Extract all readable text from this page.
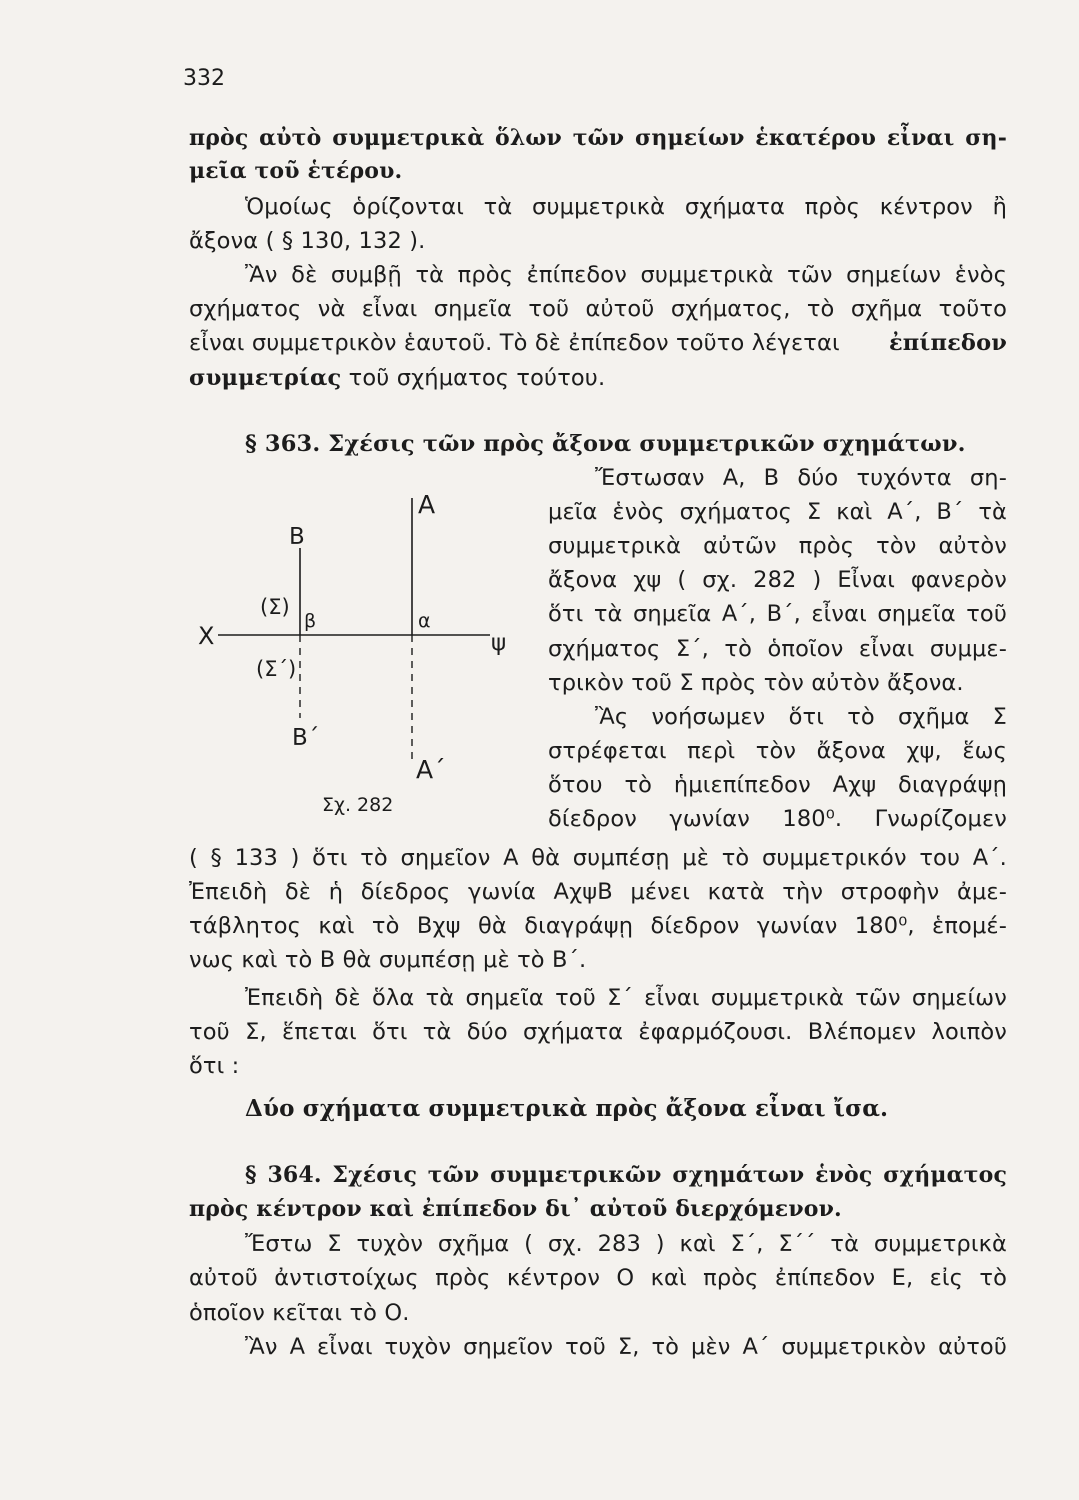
332
πρὸς αὐτὸ συμμετρικὰ ὅλων τῶν σημείων ἑκατέρου εἶναι ση-
μεῖα τοῦ ἑτέρου.
Ὁμοίως ὁρίζονται τὰ συμμετρικὰ σχήματα πρὸς κέντρον ἢ
ἄξονα ( § 130, 132 ).
Ἂν δὲ συμβῇ τὰ πρὸς ἐπίπεδον συμμετρικὰ τῶν σημείων ἑνὸς
σχήματος νὰ εἶναι σημεῖα τοῦ αὐτοῦ σχήματος, τὸ σχῆμα τοῦτο
εἶναι συμμετρικὸν ἑαυτοῦ. Τὸ δὲ ἐπίπεδον τοῦτο λέγεται ἐπίπεδον
συμμετρίας τοῦ σχήματος τούτου.
§ 363. Σχέσις τῶν πρὸς ἄξονα συμμετρικῶν σχημάτων.
Ἔστωσαν Α, Β δύο τυχόντα ση-
μεῖα ἑνὸς σχήματος Σ καὶ Α΄, Β΄ τὰ
συμμετρικὰ αὐτῶν πρὸς τὸν αὐτὸν
ἄξονα χψ ( σχ. 282 ) Εἶναι φανερὸν
ὅτι τὰ σημεῖα Α΄, Β΄, εἶναι σημεῖα τοῦ
σχήματος Σ΄, τὸ ὁποῖον εἶναι συμμε-
τρικὸν τοῦ Σ πρὸς τὸν αὐτὸν ἄξονα.
Ἂς νοήσωμεν ὅτι τὸ σχῆμα Σ
στρέφεται περὶ τὸν ἄξονα χψ, ἕως
ὅτου τὸ ἡμιεπίπεδον Αχψ διαγράψῃ
δίεδρον γωνίαν 180⁰. Γνωρίζομεν
Α
Β
(Σ)
β	α
Χ	ψ
(Σ΄)
Β΄
Α΄
Σχ. 282
( § 133 ) ὅτι τὸ σημεῖον Α θὰ συμπέσῃ μὲ τὸ συμμετρικόν του Α΄.
Ἐπειδὴ δὲ ἡ δίεδρος γωνία ΑχψΒ μένει κατὰ τὴν στροφὴν ἀμε-
τάβλητος καὶ τὸ Βχψ θὰ διαγράψῃ δίεδρον γωνίαν 180⁰, ἑπομέ-
νως καὶ τὸ Β θὰ συμπέσῃ μὲ τὸ Β΄.
Ἐπειδὴ δὲ ὅλα τὰ σημεῖα τοῦ Σ΄ εἶναι συμμετρικὰ τῶν σημείων
τοῦ Σ, ἕπεται ὅτι τὰ δύο σχήματα ἐφαρμόζουσι. Βλέπομεν λοιπὸν
ὅτι :
Δύο σχήματα συμμετρικὰ πρὸς ἄξονα εἶναι ἴσα.
§ 364. Σχέσις τῶν συμμετρικῶν σχημάτων ἑνὸς σχήματος
πρὸς κέντρον καὶ ἐπίπεδον δι᾿ αὐτοῦ διερχόμενον.
Ἔστω Σ τυχὸν σχῆμα ( σχ. 283 ) καὶ Σ΄, Σ΄΄ τὰ συμμετρικὰ
αὐτοῦ ἀντιστοίχως πρὸς κέντρον Ο καὶ πρὸς ἐπίπεδον Ε, εἰς τὸ
ὁποῖον κεῖται τὸ Ο.
Ἂν Α εἶναι τυχὸν σημεῖον τοῦ Σ, τὸ μὲν Α΄ συμμετρικὸν αὐτοῦ
